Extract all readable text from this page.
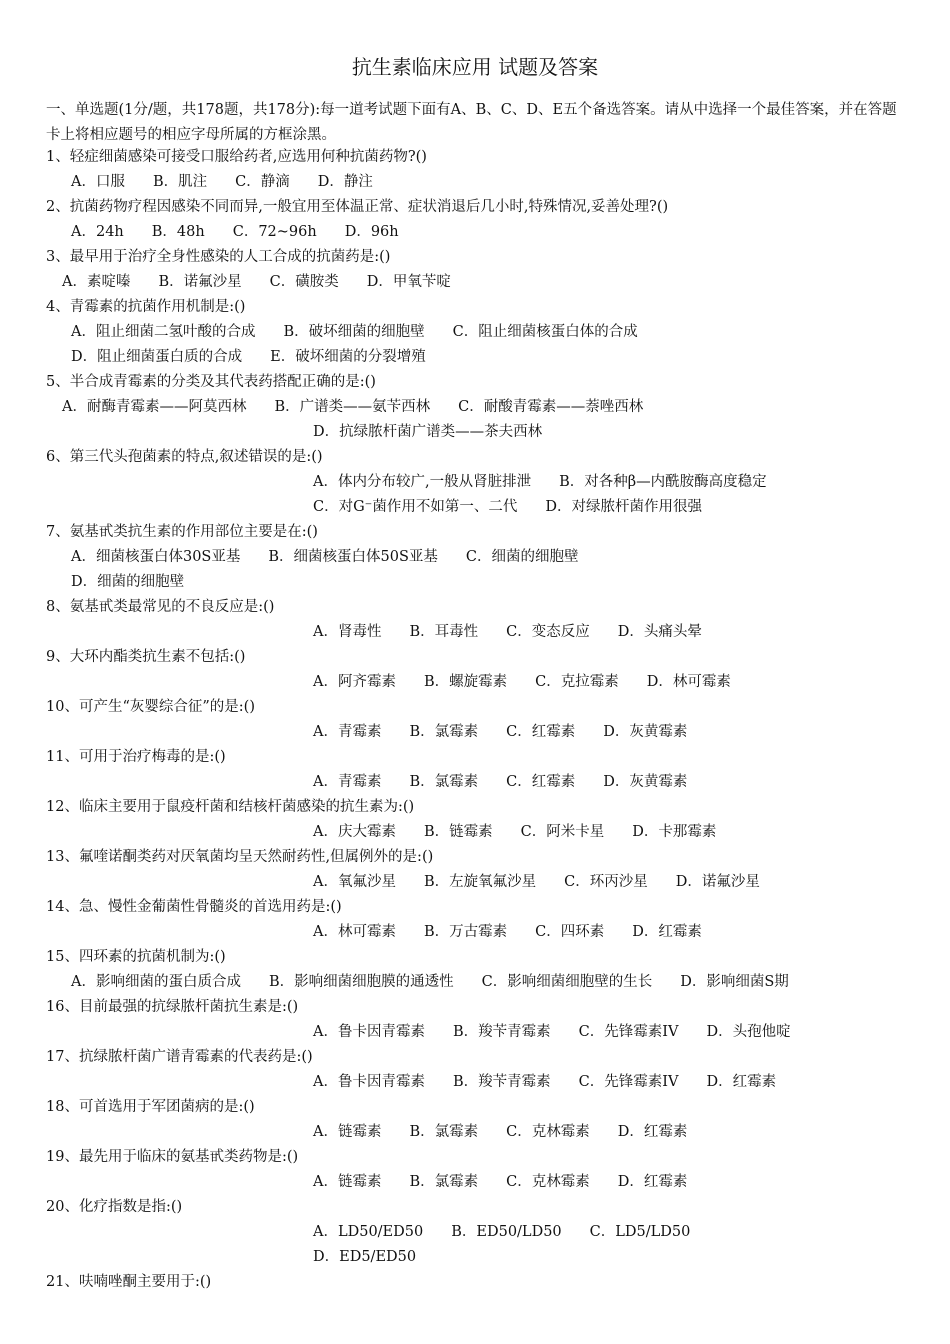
抗生素临床应用 试题及答案
一、单选题(1分/题，共178题，共178分):每一道考试题下面有A、B、C、D、E五个备选答案。请从中选择一个最佳答案，并在答题卡上将相应题号的相应字母所属的方框涂黑。
1、轻症细菌感染可接受口服给药者,应选用何种抗菌药物?()
A．口服 B．肌注 C．静滴 D．静注
2、抗菌药物疗程因感染不同而异,一般宜用至体温正常、症状消退后几小时,特殊情况,妥善处理?()
A．24h B．48h C．72~96h D．96h
3、最早用于治疗全身性感染的人工合成的抗菌药是:()
A．素啶嗪 B．诺氟沙星 C．磺胺类 D．甲氧苄啶
4、青霉素的抗菌作用机制是:()
A．阻止细菌二氢叶酸的合成 B．破坏细菌的细胞壁 C．阻止细菌核蛋白体的合成
D．阻止细菌蛋白质的合成 E．破坏细菌的分裂增殖
5、半合成青霉素的分类及其代表药搭配正确的是:()
A．耐酶青霉素——阿莫西林 B．广谱类——氨苄西林 C．耐酸青霉素——萘唑西林
D．抗绿脓杆菌广谱类——茶夫西林
6、第三代头孢菌素的特点,叙述错误的是:()
A．体内分布较广,一般从肾脏排泄 B．对各种β—内酰胺酶高度稳定
C．对G⁻菌作用不如第一、二代 D．对绿脓杆菌作用很强
7、氨基甙类抗生素的作用部位主要是在:()
A．细菌核蛋白体30S亚基 B．细菌核蛋白体50S亚基 C．细菌的细胞壁
D．细菌的细胞壁
8、氨基甙类最常见的不良反应是:()
A．肾毒性 B．耳毒性 C．变态反应 D．头痛头晕
9、大环内酯类抗生素不包括:()
A．阿齐霉素 B．螺旋霉素 C．克拉霉素 D．林可霉素
10、可产生“灰婴综合征”的是:()
A．青霉素 B．氯霉素 C．红霉素 D．灰黄霉素
11、可用于治疗梅毒的是:()
A．青霉素 B．氯霉素 C．红霉素 D．灰黄霉素
12、临床主要用于鼠疫杆菌和结核杆菌感染的抗生素为:()
A．庆大霉素 B．链霉素 C．阿米卡星 D．卡那霉素
13、氟喹诺酮类药对厌氧菌均呈天然耐药性,但属例外的是:()
A．氧氟沙星 B．左旋氧氟沙星 C．环丙沙星 D．诺氟沙星
14、急、慢性金葡菌性骨髓炎的首选用药是:()
A．林可霉素 B．万古霉素 C．四环素 D．红霉素
15、四环素的抗菌机制为:()
A．影响细菌的蛋白质合成 B．影响细菌细胞膜的通透性 C．影响细菌细胞壁的生长 D．影响细菌S期
16、目前最强的抗绿脓杆菌抗生素是:()
A．鲁卡因青霉素 B．羧苄青霉素 C．先锋霉素IV D．头孢他啶
17、抗绿脓杆菌广谱青霉素的代表药是:()
A．鲁卡因青霉素 B．羧苄青霉素 C．先锋霉素IV D．红霉素
18、可首选用于军团菌病的是:()
A．链霉素 B．氯霉素 C．克林霉素 D．红霉素
19、最先用于临床的氨基甙类药物是:()
A．链霉素 B．氯霉素 C．克林霉素 D．红霉素
20、化疗指数是指:()
A．LD50/ED50 B．ED50/LD50 C．LD5/LD50
D．ED5/ED50
21、呋喃唑酮主要用于:()
